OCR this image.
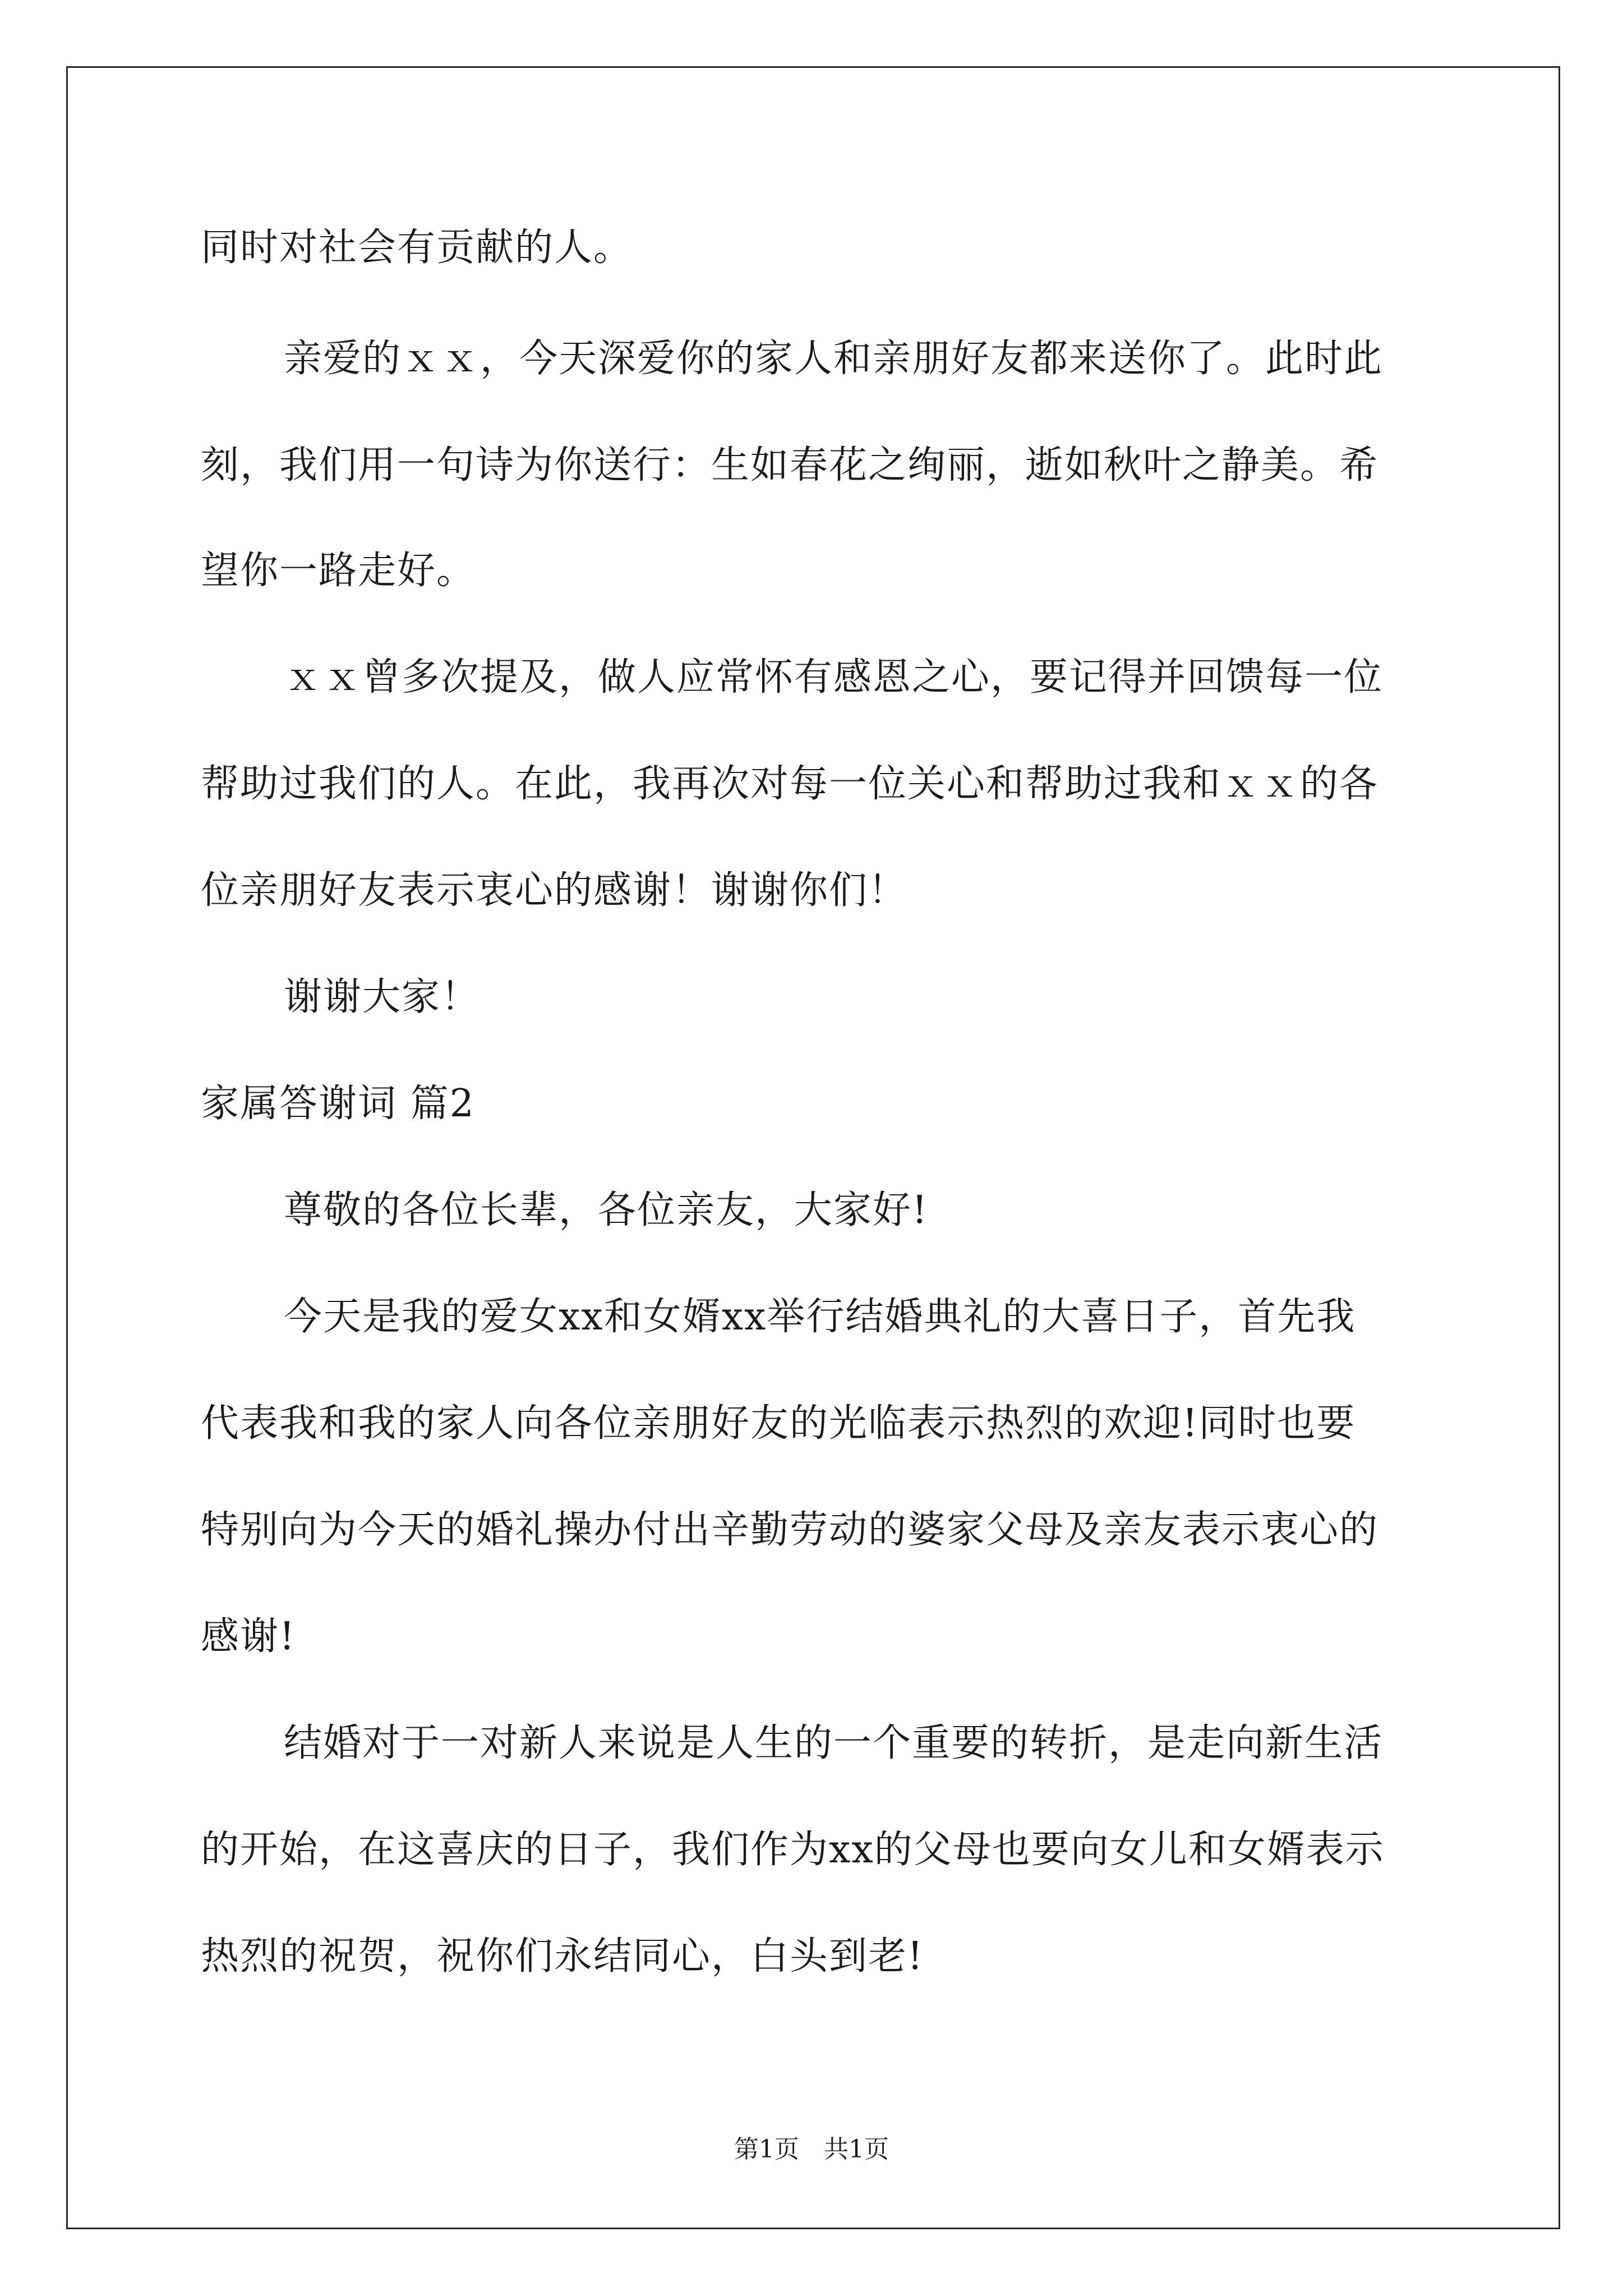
同时对社会有贡献的人。
亲爱的ｘｘ，今天深爱你的家人和亲朋好友都来送你了。此时此
刻，我们用一句诗为你送行：生如春花之绚丽，逝如秋叶之静美。希
望你一路走好。
ｘｘ曾多次提及，做人应常怀有感恩之心，要记得并回馈每一位
帮助过我们的人。在此，我再次对每一位关心和帮助过我和ｘｘ的各
位亲朋好友表示衷心的感谢！谢谢你们！
谢谢大家！
家属答谢词 篇2
尊敬的各位长辈，各位亲友，大家好!
今天是我的爱女xx和女婿xx举行结婚典礼的大喜日子，首先我
代表我和我的家人向各位亲朋好友的光临表示热烈的欢迎!同时也要
特别向为今天的婚礼操办付出辛勤劳动的婆家父母及亲友表示衷心的
感谢!
结婚对于一对新人来说是人生的一个重要的转折，是走向新生活
的开始，在这喜庆的日子，我们作为xx的父母也要向女儿和女婿表示
热烈的祝贺，祝你们永结同心，白头到老!
第1页　共1页
